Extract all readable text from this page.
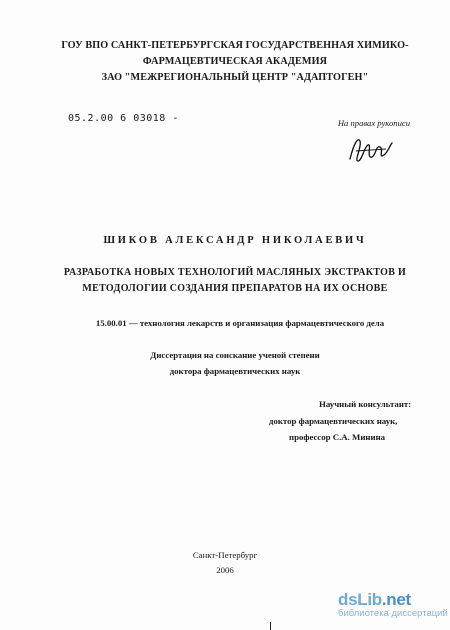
ГОУ ВПО САНКТ-ПЕТЕРБУРГСКАЯ ГОСУДАРСТВЕННАЯ ХИМИКО-
ФАРМАЦЕВТИЧЕСКАЯ АКАДЕМИЯ
ЗАО "МЕЖРЕГИОНАЛЬНЫЙ ЦЕНТР "АДАПТОГЕН"
05.2.00 6 03018 -	На правах рукописи
ШИКОВ АЛЕКСАНДР НИКОЛАЕВИЧ
РАЗРАБОТКА НОВЫХ ТЕХНОЛОГИЙ МАСЛЯНЫХ ЭКСТРАКТОВ И
МЕТОДОЛОГИИ СОЗДАНИЯ ПРЕПАРАТОВ НА ИХ ОСНОВЕ
15.00.01 — технология лекарств и организация фармацевтического дела
Диссертация на соискание ученой степени
доктора фармацевтических наук
Научный консультант:
доктор фармацевтических наук,
профессор С.А. Минина
Санкт-Петербург
2006
dsLib.net
библиотека диссертаций
